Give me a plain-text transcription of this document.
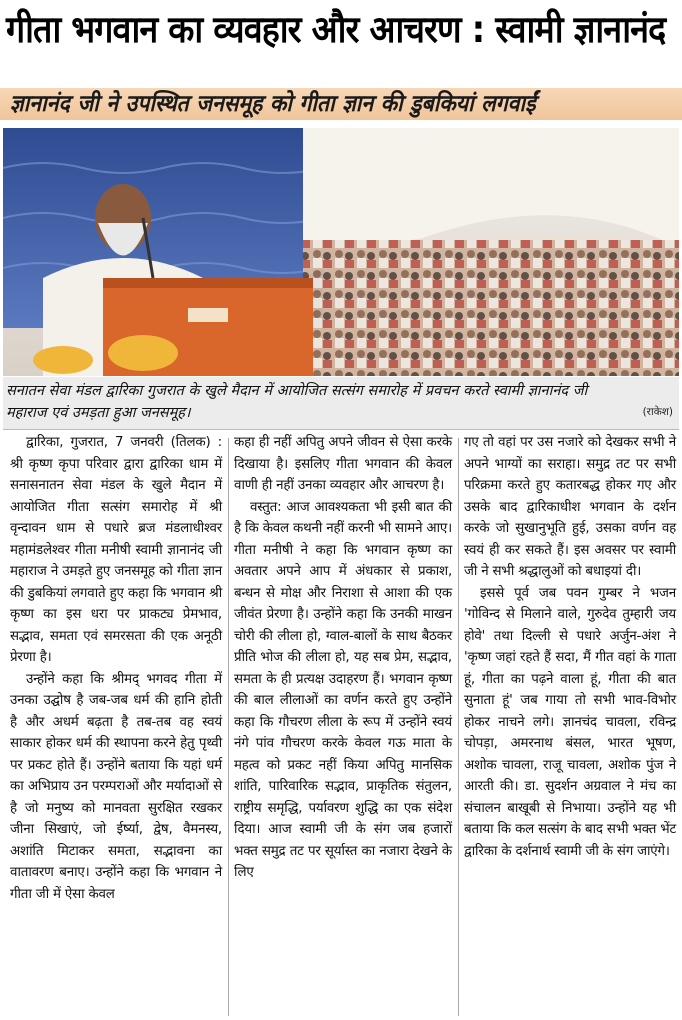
गीता भगवान का व्यवहार और आचरण : स्वामी ज्ञानानंद
ज्ञानानंद जी ने उपस्थित जनसमूह को गीता ज्ञान की डुबकियां लगवाईं

सनातन सेवा मंडल द्वारिका गुजरात के खुले मैदान में आयोजित सत्संग समारोह में प्रवचन करते स्वामी ज्ञानानंद जी महाराज एवं उमड़ता हुआ जनसमूह।	(राकेश)

द्वारिका, गुजरात, 7 जनवरी (तिलक) : श्री कृष्ण कृपा परिवार द्वारा द्वारिका धाम में सनासनातन सेवा मंडल के खुले मैदान में आयोजित गीता सत्संग समारोह में श्री वृन्दावन धाम से पधारे ब्रज मंडलाधीश्वर महामंडलेश्वर गीता मनीषी स्वामी ज्ञानानंद जी महाराज ने उमड़ते हुए जनसमूह को गीता ज्ञान की डुबकियां लगवाते हुए कहा कि भगवान श्री कृष्ण का इस धरा पर प्राकट्य प्रेमभाव, सद्भाव, समता एवं समरसता की एक अनूठी प्रेरणा है।

उन्होंने कहा कि श्रीमद् भगवद गीता में उनका उद्घोष है जब-जब धर्म की हानि होती है और अधर्म बढ़ता है तब-तब वह स्वयं साकार होकर धर्म की स्थापना करने हेतु पृथ्वी पर प्रकट होते हैं। उन्होंने बताया कि यहां धर्म का अभिप्राय उन परम्पराओं और मर्यादाओं से है जो मनुष्य को मानवता सुरक्षित रखकर जीना सिखाएं, जो ईर्ष्या, द्वेष, वैमनस्य, अशांति मिटाकर समता, सद्भावना का वातावरण बनाए। उन्होंने कहा कि भगवान ने गीता जी में ऐसा केवल

कहा ही नहीं अपितु अपने जीवन से ऐसा करके दिखाया है। इसलिए गीता भगवान की केवल वाणी ही नहीं उनका व्यवहार और आचरण है।

वस्तुत: आज आवश्यकता भी इसी बात की है कि केवल कथनी नहीं करनी भी सामने आए। गीता मनीषी ने कहा कि भगवान कृष्ण का अवतार अपने आप में अंधकार से प्रकाश, बन्धन से मोक्ष और निराशा से आशा की एक जीवंत प्रेरणा है। उन्होंने कहा कि उनकी माखन चोरी की लीला हो, ग्वाल-बालों के साथ बैठकर प्रीति भोज की लीला हो, यह सब प्रेम, सद्भाव, समता के ही प्रत्यक्ष उदाहरण हैं। भगवान कृष्ण की बाल लीलाओं का वर्णन करते हुए उन्होंने कहा कि गौचरण लीला के रूप में उन्होंने स्वयं नंगे पांव गौचरण करके केवल गऊ माता के महत्व को प्रकट नहीं किया अपितु मानसिक शांति, पारिवारिक सद्भाव, प्राकृतिक संतुलन, राष्ट्रीय समृद्धि, पर्यावरण शुद्धि का एक संदेश दिया। आज स्वामी जी के संग जब हजारों भक्त समुद्र तट पर सूर्यास्त का नजारा देखने के लिए

गए तो वहां पर उस नजारे को देखकर सभी ने अपने भाग्यों का सराहा। समुद्र तट पर सभी परिक्रमा करते हुए कतारबद्ध होकर गए और उसके बाद द्वारिकाधीश भगवान के दर्शन करके जो सुखानुभूति हुई, उसका वर्णन वह स्वयं ही कर सकते हैं। इस अवसर पर स्वामी जी ने सभी श्रद्धालुओं को बधाइयां दी।

इससे पूर्व जब पवन गुम्बर ने भजन 'गोविन्द से मिलाने वाले, गुरुदेव तुम्हारी जय होवे' तथा दिल्ली से पधारे अर्जुन-अंश ने 'कृष्ण जहां रहते हैं सदा, मैं गीत वहां के गाता हूं, गीता का पढ़ने वाला हूं, गीता की बात सुनाता हूं' जब गाया तो सभी भाव-विभोर होकर नाचने लगे। ज्ञानचंद चावला, रविन्द्र चोपड़ा, अमरनाथ बंसल, भारत भूषण, अशोक चावला, राजू चावला, अशोक पुंज ने आरती की। डा. सुदर्शन अग्रवाल ने मंच का संचालन बाखूबी से निभाया। उन्होंने यह भी बताया कि कल सत्संग के बाद सभी भक्त भेंट द्वारिका के दर्शनार्थ स्वामी जी के संग जाएंगे।
